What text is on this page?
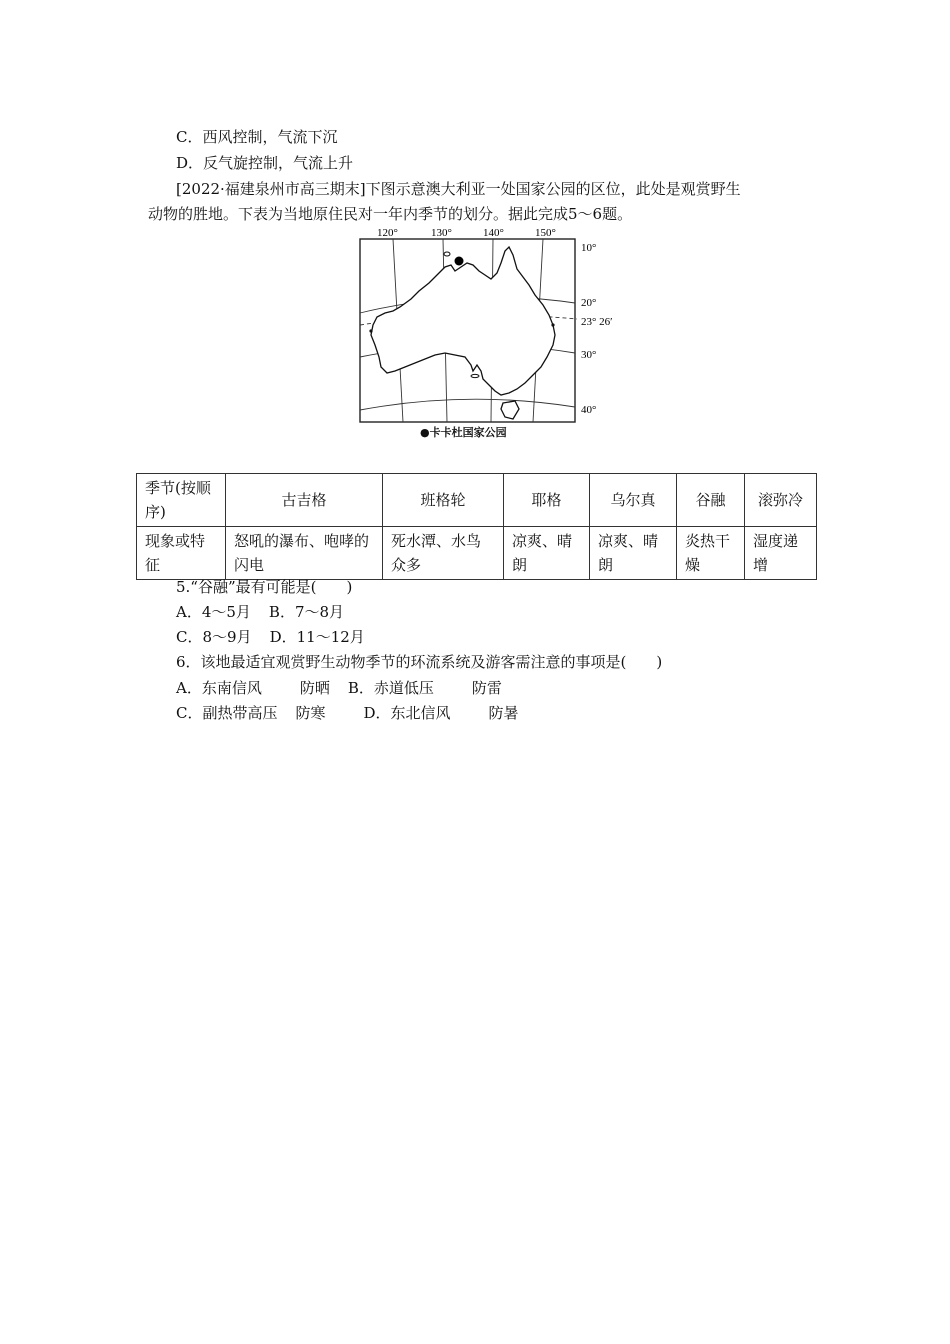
C．西风控制，气流下沉
D．反气旋控制，气流上升
[2022·福建泉州市高三期末]下图示意澳大利亚一处国家公园的区位，此处是观赏野生
动物的胜地。下表为当地原住民对一年内季节的划分。据此完成5～6题。
120°	130°	140°	150°
10°
20°
23° 26′
30°
40°
●卡卡杜国家公园
季节(按顺序)	古吉格	班格轮	耶格	乌尔真	谷融	滚弥冷
现象或特征	怒吼的瀑布、咆哮的闪电	死水潭、水鸟众多	凉爽、晴朗	凉爽、晴朗	炎热干燥	湿度递增
5.“谷融”最有可能是(　　)
A．4～5月 B．7～8月
C．8～9月 D．11～12月
6．该地最适宜观赏野生动物季节的环流系统及游客需注意的事项是(　　)
A．东南信风	防晒 B．赤道低压	防雷
C．副热带高压 防寒	D．东北信风	防暑
